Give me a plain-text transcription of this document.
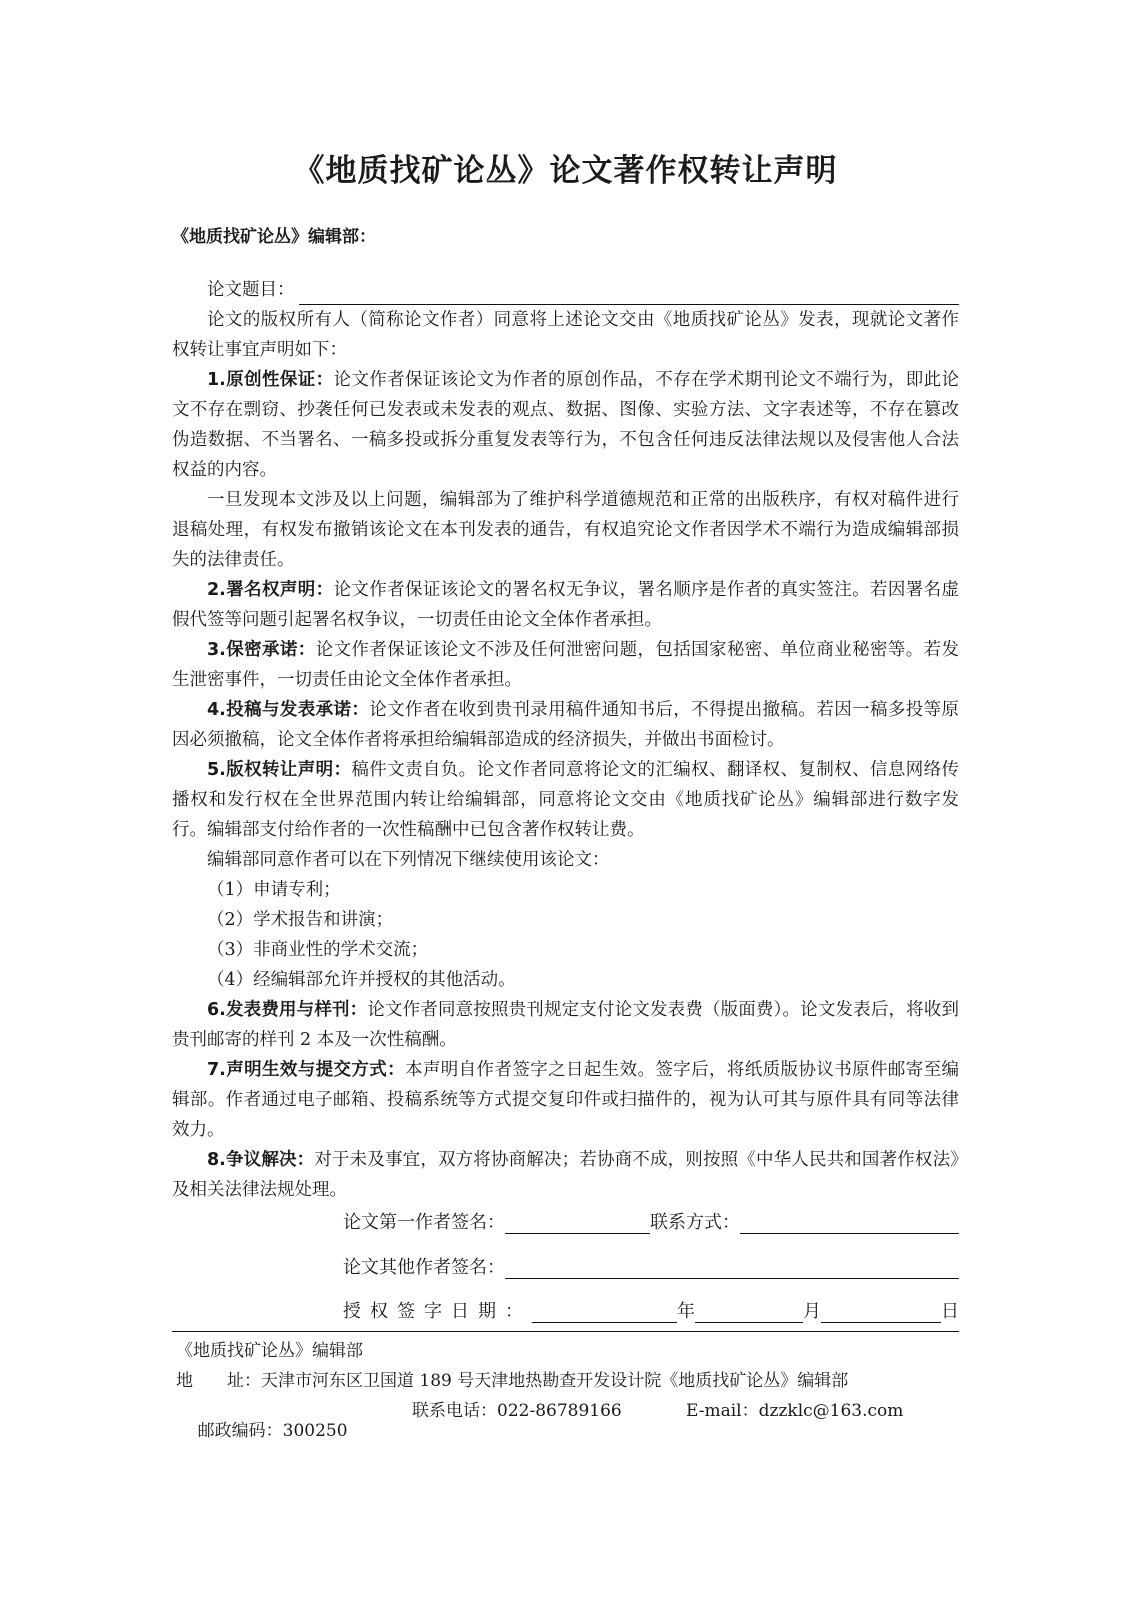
《地质找矿论丛》论文著作权转让声明
《地质找矿论丛》编辑部：
论文题目：

论文的版权所有人（简称论文作者）同意将上述论文交由《地质找矿论丛》发表，现就论文著作权转让事宜声明如下：

1.原创性保证：论文作者保证该论文为作者的原创作品，不存在学术期刊论文不端行为，即此论文不存在剽窃、抄袭任何已发表或未发表的观点、数据、图像、实验方法、文字表述等，不存在篡改伪造数据、不当署名、一稿多投或拆分重复发表等行为，不包含任何违反法律法规以及侵害他人合法权益的内容。

一旦发现本文涉及以上问题，编辑部为了维护科学道德规范和正常的出版秩序，有权对稿件进行退稿处理，有权发布撤销该论文在本刊发表的通告，有权追究论文作者因学术不端行为造成编辑部损失的法律责任。

2.署名权声明：论文作者保证该论文的署名权无争议，署名顺序是作者的真实签注。若因署名虚假代签等问题引起署名权争议，一切责任由论文全体作者承担。

3.保密承诺：论文作者保证该论文不涉及任何泄密问题，包括国家秘密、单位商业秘密等。若发生泄密事件，一切责任由论文全体作者承担。

4.投稿与发表承诺：论文作者在收到贵刊录用稿件通知书后，不得提出撤稿。若因一稿多投等原因必须撤稿，论文全体作者将承担给编辑部造成的经济损失，并做出书面检讨。

5.版权转让声明：稿件文责自负。论文作者同意将论文的汇编权、翻译权、复制权、信息网络传播权和发行权在全世界范围内转让给编辑部，同意将论文交由《地质找矿论丛》编辑部进行数字发行。编辑部支付给作者的一次性稿酬中已包含著作权转让费。

编辑部同意作者可以在下列情况下继续使用该论文：

（1）申请专利；

（2）学术报告和讲演；

（3）非商业性的学术交流；

（4）经编辑部允许并授权的其他活动。

6.发表费用与样刊：论文作者同意按照贵刊规定支付论文发表费（版面费）。论文发表后，将收到贵刊邮寄的样刊 2 本及一次性稿酬。

7.声明生效与提交方式：本声明自作者签字之日起生效。签字后，将纸质版协议书原件邮寄至编辑部。作者通过电子邮箱、投稿系统等方式提交复印件或扫描件的，视为认可其与原件具有同等法律效力。

8.争议解决：对于未及事宜，双方将协商解决；若协商不成，则按照《中华人民共和国著作权法》及相关法律法规处理。

论文第一作者签名：	联系方式：
论文其他作者签名：
授权签字日期：	年	月	日
《地质找矿论丛》编辑部
地　　址：天津市河东区卫国道 189 号天津地热勘查开发设计院《地质找矿论丛》编辑部

邮政编码：300250

联系电话：022-86789166	E-mail：dzzklc@163.com
